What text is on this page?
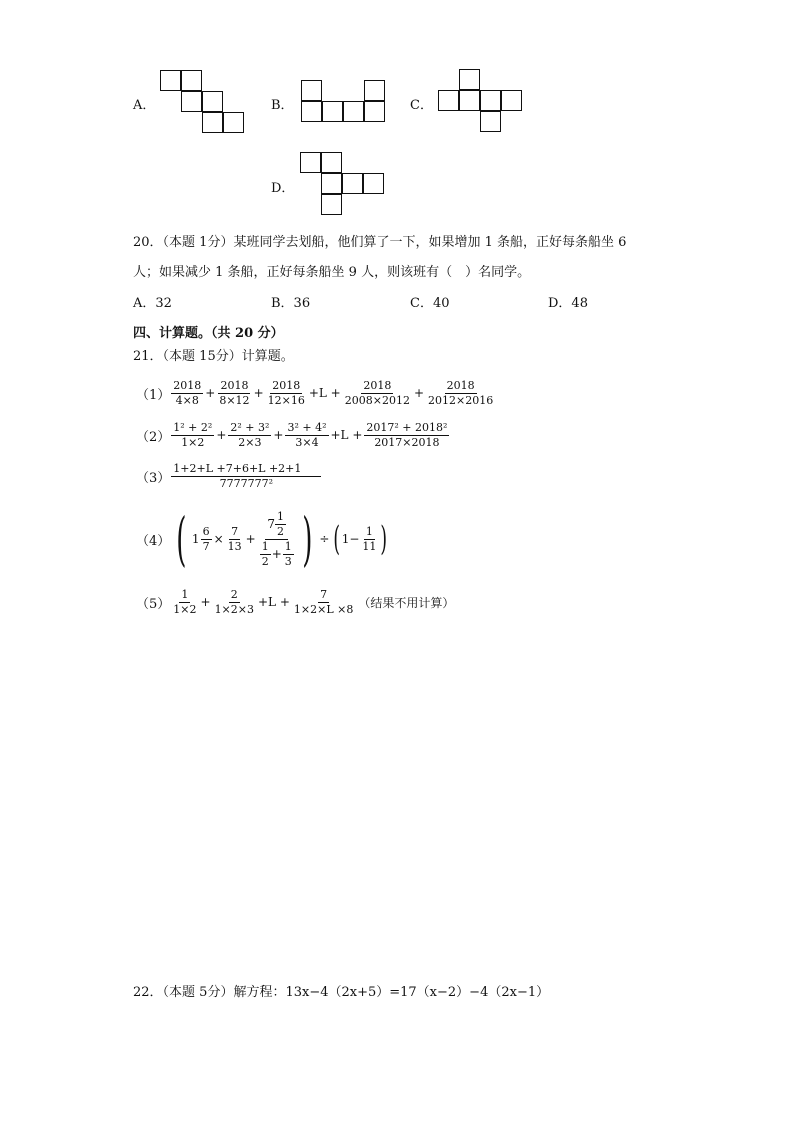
A．	B．	C．
D．
20．（本题 1分）某班同学去划船，他们算了一下，如果增加 1 条船，正好每条船坐 6
人；如果减少 1 条船，正好每条船坐 9 人，则该班有（　）名同学。
A．32	B．36	C．40	D．48
四、计算题。（共 20 分）
21．（本题 15分）计算题。
$(1) \frac{2018}{4\times 8} + \frac{2018}{8\times 12} + \frac{2018}{12\times 16} +L + \frac{2018}{2008\times 2012} + \frac{2018}{2012\times 2016}$
$(2) \frac{\text{1² + 2²}}{1\times 2} + \frac{\text{2² + 3²}}{2\times 3} + \frac{\text{3² + 4²}}{3\times 4} +L + \frac{\text{2017² + 2018²}}{2017\times 2018}$
$(3) \frac{1+2+L +7+6+L +2+1}{\text{7777777²}}$
（4） ( $1 \frac{6}{7} \times \frac{7}{13} + \frac{7 \frac{1}{2}}{\frac{1}{2} + \frac{1}{3}}$ ) ÷ ( $1- \frac{1}{11}$ )
$(5) \frac{1}{1\times 2} + \frac{2}{1\times 2\times 3} +L + \frac{7}{1\times 2\times L \times 8}$ （结果不用计算）
22．（本题 5分）解方程：13x−4（2x+5）=17（x−2）−4（2x−1）
